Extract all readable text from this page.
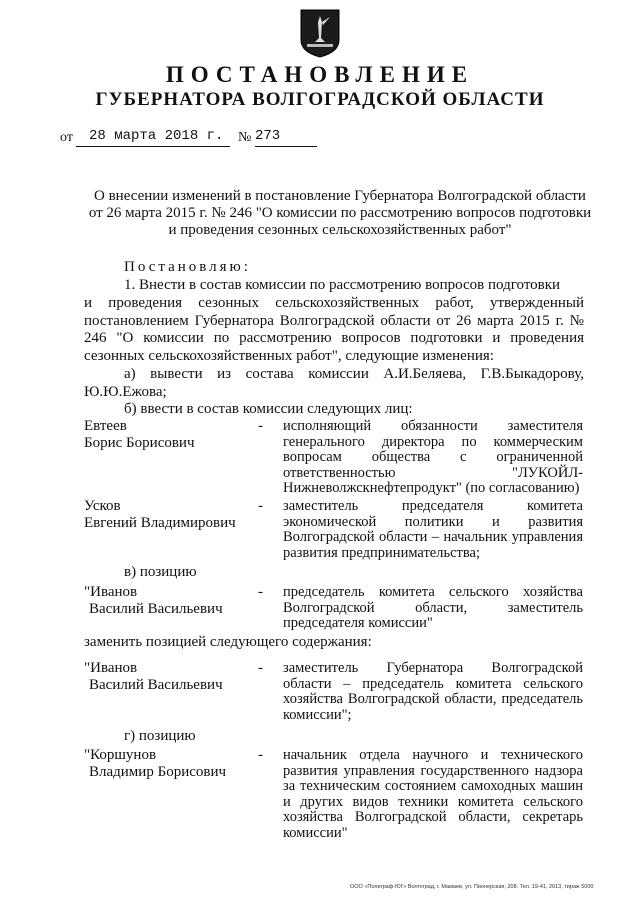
ПОСТАНОВЛЕНИЕ
ГУБЕРНАТОРА ВОЛГОГРАДСКОЙ ОБЛАСТИ
от	28 марта 2018 г.	№ 273
О внесении изменений в постановление Губернатора Волгоградской области
от 26 марта 2015 г. № 246 "О комиссии по рассмотрению вопросов подготовки
и проведения сезонных сельскохозяйственных работ"
Постановляю:
1. Внести в состав комиссии по рассмотрению вопросов подготовки
и проведения сезонных сельскохозяйственных работ, утвержденный постановлением Губернатора Волгоградской области от 26 марта 2015 г. № 246 "О комиссии по рассмотрению вопросов подготовки и проведения сезонных сельскохозяйственных работ", следующие изменения:
а) вывести из состава комиссии А.И.Беляева, Г.В.Быкадорову,
Ю.Ю.Ежова;
б) ввести в состав комиссии следующих лиц:
Евтеев
Борис Борисович
-	исполняющий обязанности заместителя генерального директора по коммерческим вопросам общества с ограниченной ответственностью "ЛУКОЙЛ-Нижневолжскнефтепродукт" (по согласованию)
Усков
Евгений Владимирович
-	заместитель председателя комитета экономической политики и развития Волгоградской области – начальник управления развития предпринимательства;
в) позицию
"Иванов
Василий Васильевич
-	председатель комитета сельского хозяйства Волгоградской области, заместитель председателя комиссии"
заменить позицией следующего содержания:
"Иванов
Василий Васильевич
-	заместитель Губернатора Волгоградской области – председатель комитета сельского хозяйства Волгоградской области, председатель комиссии";
г) позицию
"Коршунов
Владимир Борисович
-	начальник отдела научного и технического развития управления государственного надзора за техническим состоянием самоходных машин и других видов техники комитета сельского хозяйства Волгоградской области, секретарь комиссии"
ООО «Полиграф-ЮГ» Волгоград, г. Мамаев, ул. Пионерская, 208. Тел. 19-41, 2013, тираж 5000
